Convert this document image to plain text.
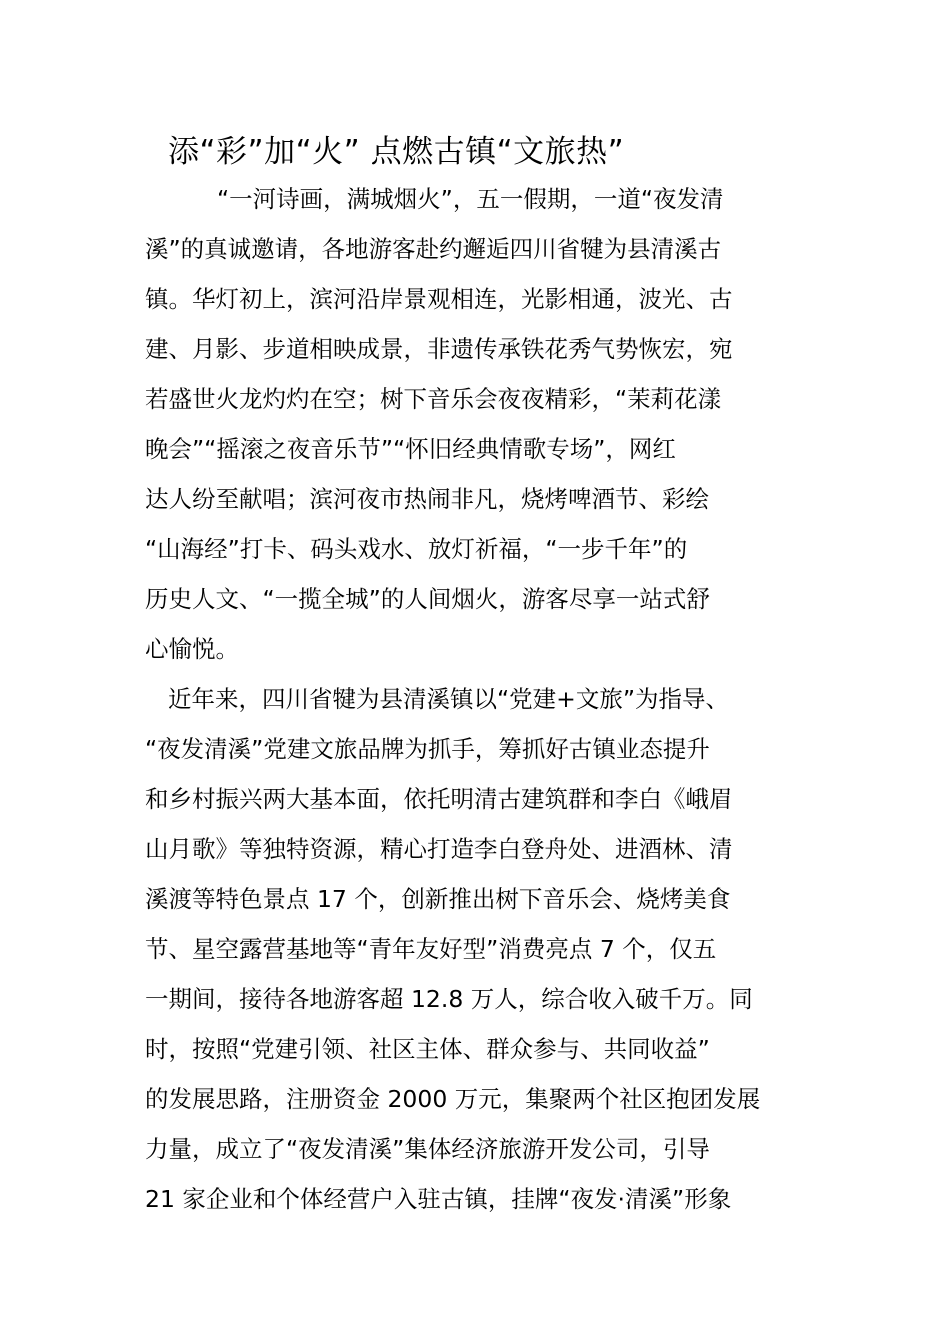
添“彩”加“火” 点燃古镇“文旅热”

“一河诗画，满城烟火”，五一假期，一道“夜发清

溪”的真诚邀请，各地游客赴约邂逅四川省犍为县清溪古

镇。华灯初上，滨河沿岸景观相连，光影相通，波光、古

建、月影、步道相映成景，非遗传承铁花秀气势恢宏，宛

若盛世火龙灼灼在空；树下音乐会夜夜精彩，“茉莉花漾

晚会”“摇滚之夜音乐节”“怀旧经典情歌专场”，网红

达人纷至献唱；滨河夜市热闹非凡，烧烤啤酒节、彩绘

“山海经”打卡、码头戏水、放灯祈福，“一步千年”的

历史人文、“一揽全城”的人间烟火，游客尽享一站式舒

心愉悦。

近年来，四川省犍为县清溪镇以“党建+文旅”为指导、

“夜发清溪”党建文旅品牌为抓手，筹抓好古镇业态提升

和乡村振兴两大基本面，依托明清古建筑群和李白《峨眉

山月歌》等独特资源，精心打造李白登舟处、进酒林、清

溪渡等特色景点 17 个，创新推出树下音乐会、烧烤美食

节、星空露营基地等“青年友好型”消费亮点 7 个，仅五

一期间，接待各地游客超 12.8 万人，综合收入破千万。同

时，按照“党建引领、社区主体、群众参与、共同收益”

的发展思路，注册资金 2000 万元，集聚两个社区抱团发展

力量，成立了“夜发清溪”集体经济旅游开发公司，引导

21 家企业和个体经营户入驻古镇，挂牌“夜发·清溪”形象
